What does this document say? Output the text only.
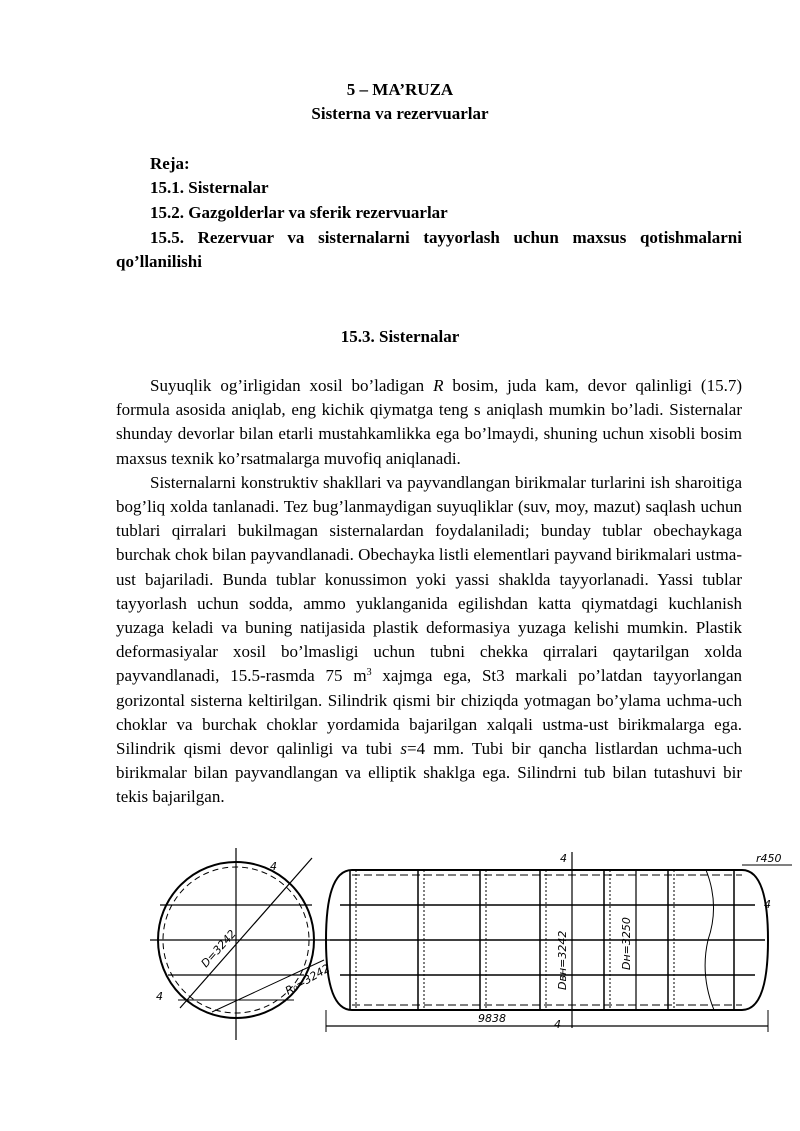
5 – MA’RUZA
Sisterna va rezervuarlar
Reja:
15.1. Sisternalar
15.2. Gazgolderlar va sferik rezervuarlar
15.5. Rezervuar va sisternalarni tayyorlash uchun maxsus qotishmalarni
qo’llanilishi
15.3. Sisternalar

Suyuqlik og’irligidan xosil bo’ladigan R bosim, juda kam, devor qalinligi (15.7) formula asosida aniqlab, eng kichik qiymatga teng s aniqlash mumkin bo’ladi. Sisternalar shunday devorlar bilan etarli mustahkamlikka ega bo’lmaydi, shuning uchun xisobli bosim maxsus texnik ko’rsatmalarga muvofiq aniqlanadi.

Sisternalarni konstruktiv shakllari va payvandlangan birikmalar turlarini ish sharoitiga bog’liq xolda tanlanadi. Tez bug’lanmaydigan suyuqliklar (suv, moy, mazut) saqlash uchun tublari qirralari bukilmagan sisternalardan foydalaniladi; bunday tublar obechaykaga burchak chok bilan payvandlanadi. Obechayka listli elementlari payvand birikmalari ustma-ust bajariladi. Bunda tublar konussimon yoki yassi shaklda tayyorlanadi. Yassi tublar tayyorlash uchun sodda, ammo yuklanganida egilishdan katta qiymatdagi kuchlanish yuzaga keladi va buning natijasida plastik deformasiya yuzaga kelishi mumkin. Plastik deformasiyalar xosil bo’lmasligi uchun tubni chekka qirralari qaytarilgan xolda payvandlanadi, 15.5-rasmda 75 $m^3$ xajmga ega, St3 markali po’latdan tayyorlangan gorizontal sisterna keltirilgan. Silindrik qismi bir chiziqda yotmagan bo’ylama uchma-uch choklar va burchak choklar yordamida bajarilgan xalqali ustma-ust birikmalarga ega. Silindrik qismi devor qalinligi va tubi s=4 mm. Tubi bir qancha listlardan uchma-uch birikmalar bilan payvandlangan va elliptik shaklga ega. Silindrni tub bilan tutashuvi bir tekis bajarilgan.

D=3242
R₀=3242
4
4
4
4
4
Dвн=3242	Dн=3250
9838
r450
